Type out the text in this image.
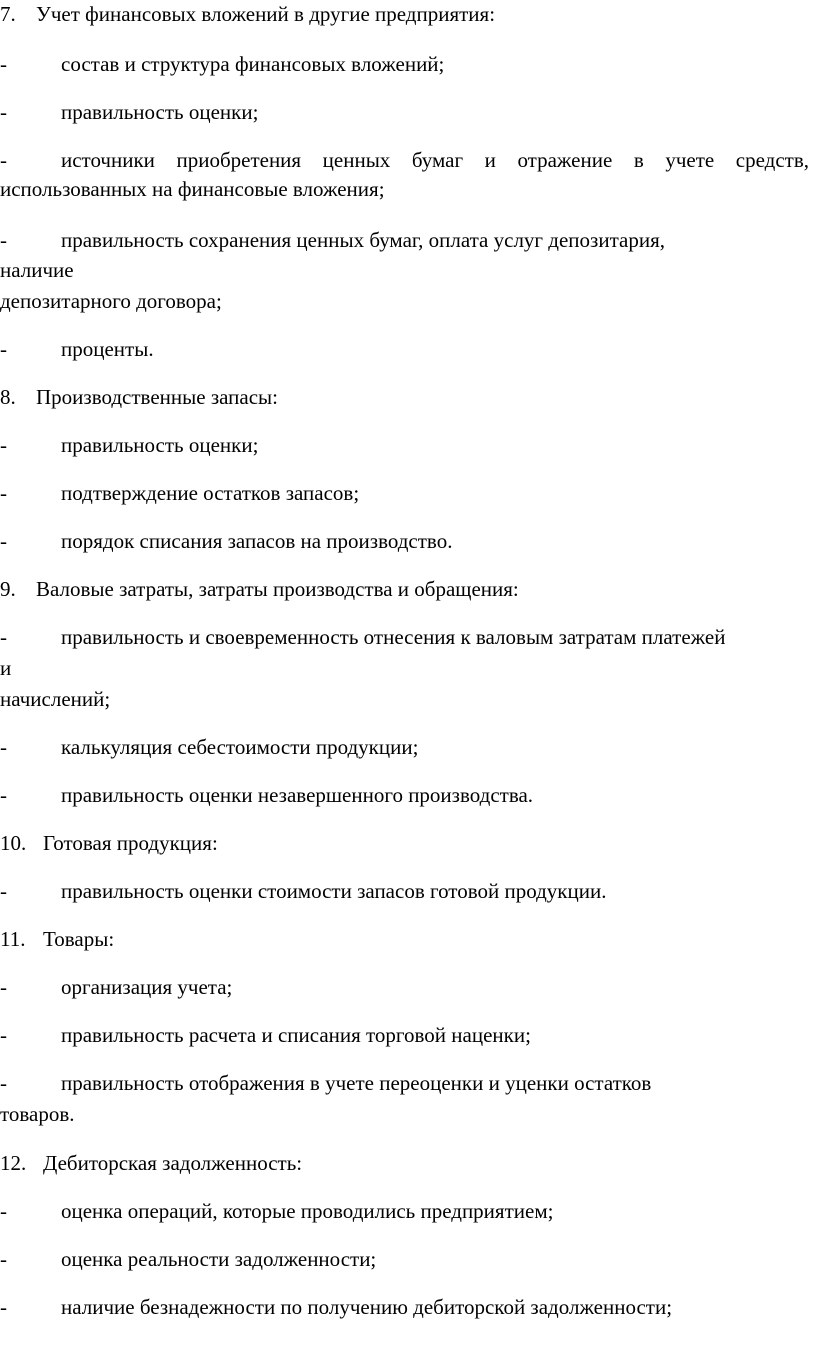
7. Учет финансовых вложений в другие предприятия:
-	состав и структура финансовых вложений;
-	правильность оценки;
-	источники приобретения ценных бумаг и отражение в учете средств,
использованных на финансовые вложения;
-	правильность сохранения ценных бумаг, оплата услуг депозитария,
наличие
депозитарного договора;
-	проценты.
8. Производственные запасы:
-	правильность оценки;
-	подтверждение остатков запасов;
-	порядок списания запасов на производство.
9. Валовые затраты, затраты производства и обращения:
-	правильность и своевременность отнесения к валовым затратам платежей
и
начислений;
-	калькуляция себестоимости продукции;
-	правильность оценки незавершенного производства.
10. Готовая продукция:
-	правильность оценки стоимости запасов готовой продукции.
11. Товары:
-	организация учета;
-	правильность расчета и списания торговой наценки;
-	правильность отображения в учете переоценки и уценки остатков
товаров.
12. Дебиторская задолженность:
-	оценка операций, которые проводились предприятием;
-	оценка реальности задолженности;
-	наличие безнадежности по получению дебиторской задолженности;
